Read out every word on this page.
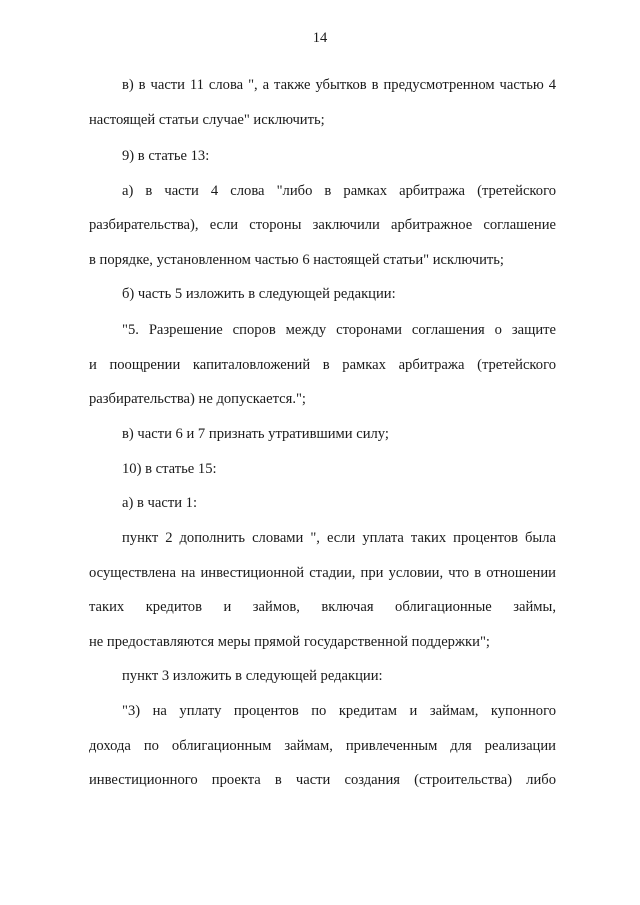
14
в) в части 11 слова ", а также убытков в предусмотренном частью 4
настоящей статьи случае" исключить;
9) в статье 13:
а) в части 4 слова "либо в рамках арбитража (третейского
разбирательства), если стороны заключили арбитражное соглашение
в порядке, установленном частью 6 настоящей статьи" исключить;
б) часть 5 изложить в следующей редакции:
"5. Разрешение споров между сторонами соглашения о защите
и поощрении капиталовложений в рамках арбитража (третейского
разбирательства) не допускается.";
в) части 6 и 7 признать утратившими силу;
10) в статье 15:
а) в части 1:
пункт 2 дополнить словами ", если уплата таких процентов была
осуществлена на инвестиционной стадии, при условии, что в отношении
таких кредитов и займов, включая облигационные займы,
не предоставляются меры прямой государственной поддержки";
пункт 3 изложить в следующей редакции:
"3) на уплату процентов по кредитам и займам, купонного
дохода по облигационным займам, привлеченным для реализации
инвестиционного проекта в части создания (строительства) либо
